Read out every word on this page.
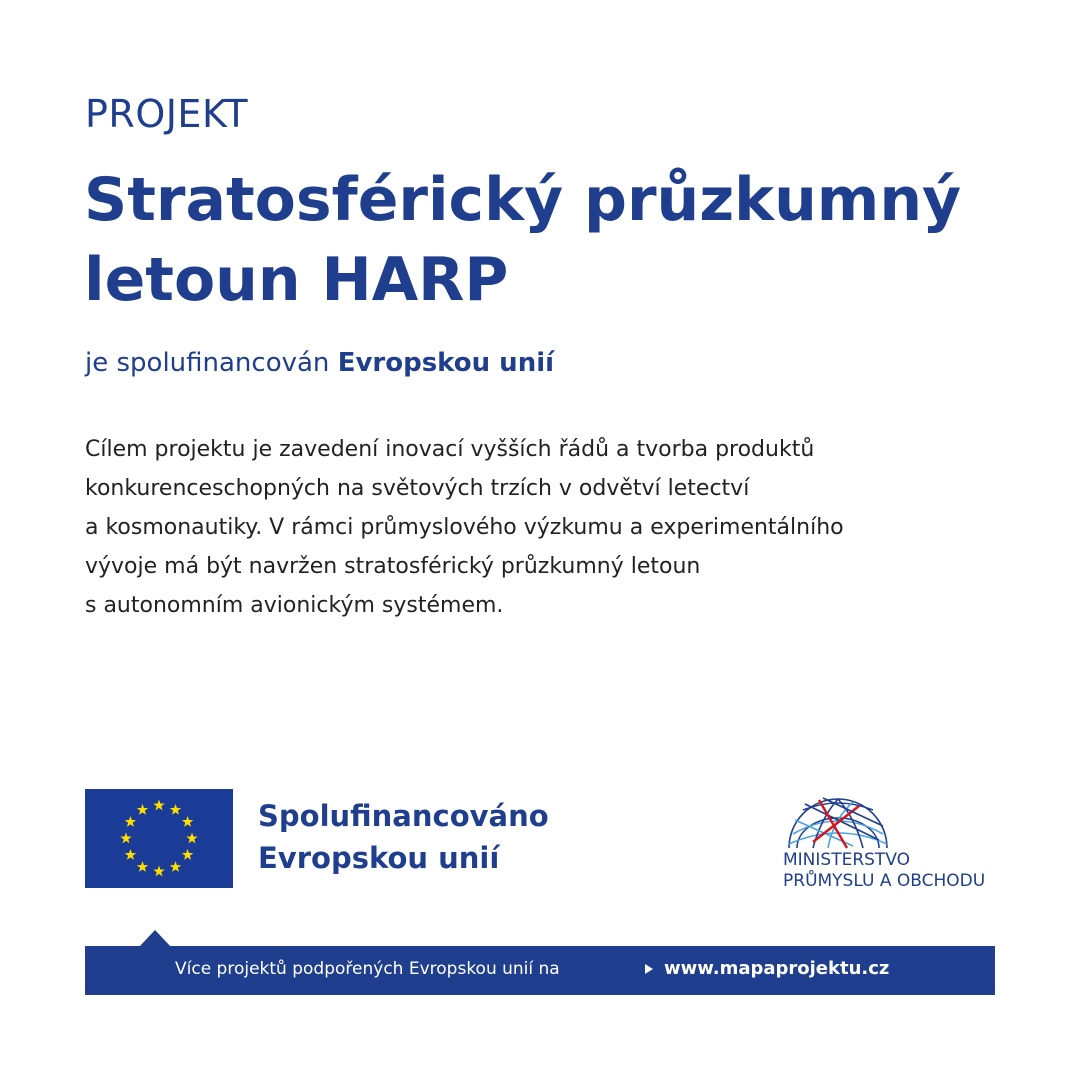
PROJEKT
Stratosférický průzkumný
letoun HARP
je spolufinancován Evropskou unií
Cílem projektu je zavedení inovací vyšších řádů a tvorba produktů
konkurenceschopných na světových trzích v odvětví letectví
a kosmonautiky. V rámci průmyslového výzkumu a experimentálního
vývoje má být navržen stratosférický průzkumný letoun
s autonomním avionickým systémem.
Spolufinancováno
Evropskou unií	MINISTERSTVO
PRŮMYSLU A OBCHODU
Více projektů podpořených Evropskou unií na	www.mapaprojektu.cz
